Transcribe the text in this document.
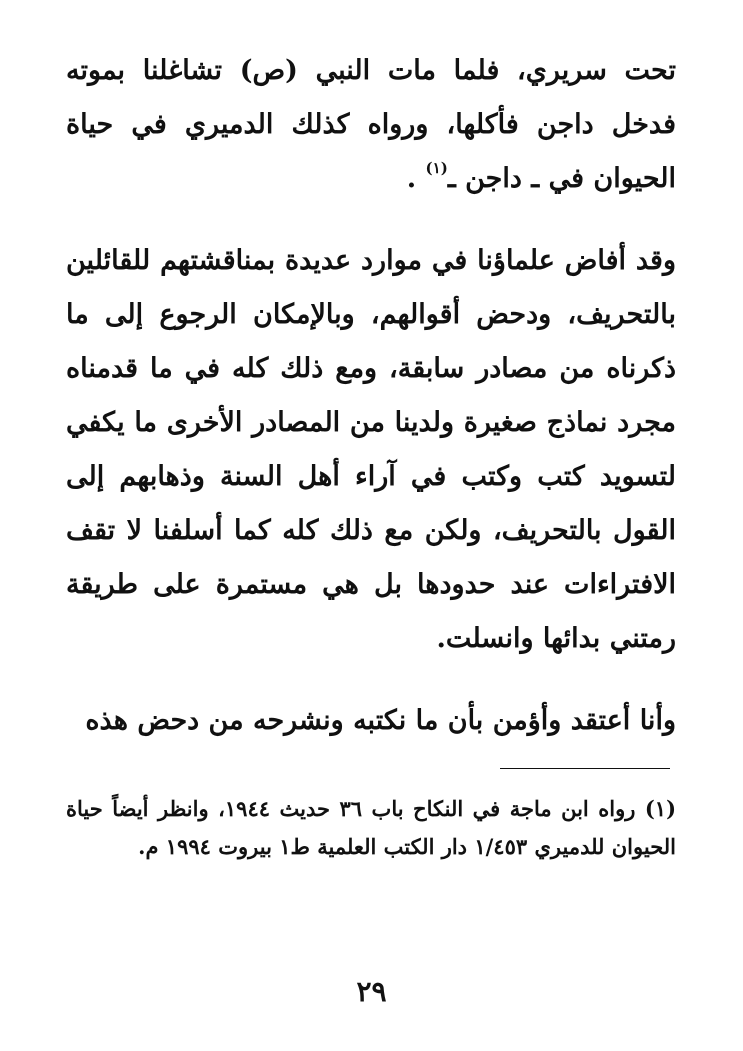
تحت سريري، فلما مات النبي (ص) تشاغلنا بموته فدخل داجن فأكلها، ورواه كذلك الدميري في حياة الحيوان في ـ داجن ـ$^{(١)}$ .

وقد أفاض علماؤنا في موارد عديدة بمناقشتهم للقائلين بالتحريف، ودحض أقوالهم، وبالإمكان الرجوع إلى ما ذكرناه من مصادر سابقة، ومع ذلك كله في ما قدمناه مجرد نماذج صغيرة ولدينا من المصادر الأخرى ما يكفي لتسويد كتب وكتب في آراء أهل السنة وذهابهم إلى القول بالتحريف، ولكن مع ذلك كله كما أسلفنا لا تقف الافتراءات عند حدودها بل هي مستمرة على طريقة رمتني بدائها وانسلت.

وأنا أعتقد وأؤمن بأن ما نكتبه ونشرحه من دحض هذه

(١) رواه ابن ماجة في النكاح باب ٣٦ حديث ١٩٤٤، وانظر أيضاً حياة الحيوان للدميري ١/٤٥٣ دار الكتب العلمية ط١ بيروت ١٩٩٤ م.

٢٩
